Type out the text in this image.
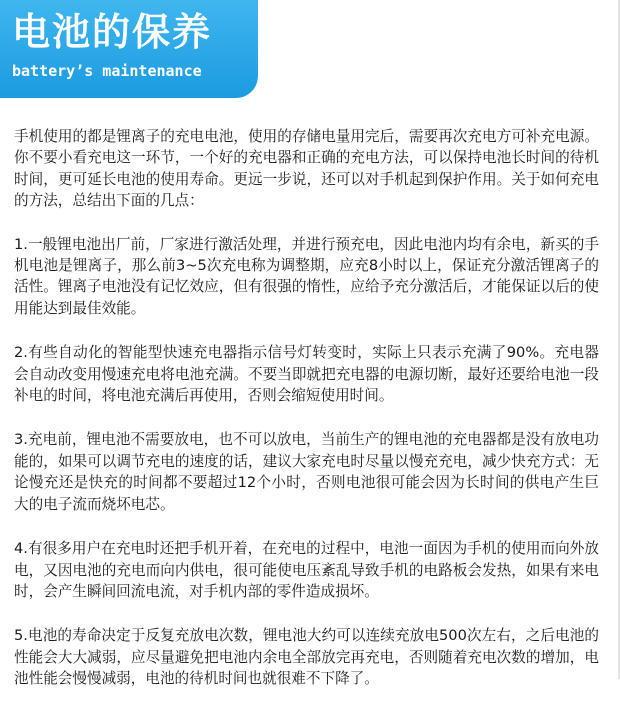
电池的保养
battery’s maintenance

手机使用的都是锂离子的充电电池，使用的存储电量用完后，需要再次充电方可补充电源。你不要小看充电这一环节，一个好的充电器和正确的充电方法，可以保持电池长时间的待机时间，更可延长电池的使用寿命。更远一步说，还可以对手机起到保护作用。关于如何充电的方法，总结出下面的几点：

1.一般锂电池出厂前，厂家进行激活处理，并进行预充电，因此电池内均有余电，新买的手机电池是锂离子，那么前3~5次充电称为调整期，应充8小时以上，保证充分激活锂离子的活性。锂离子电池没有记忆效应，但有很强的惰性，应给予充分激活后，才能保证以后的使用能达到最佳效能。

2.有些自动化的智能型快速充电器指示信号灯转变时，实际上只表示充满了90%。充电器会自动改变用慢速充电将电池充满。不要当即就把充电器的电源切断，最好还要给电池一段补电的时间，将电池充满后再使用，否则会缩短使用时间。

3.充电前，锂电池不需要放电，也不可以放电，当前生产的锂电池的充电器都是没有放电功能的，如果可以调节充电的速度的话，建议大家充电时尽量以慢充充电，减少快充方式：无论慢充还是快充的时间都不要超过12个小时，否则电池很可能会因为长时间的供电产生巨大的电子流而烧坏电芯。

4.有很多用户在充电时还把手机开着，在充电的过程中，电池一面因为手机的使用而向外放电，又因电池的充电而向内供电，很可能使电压紊乱导致手机的电路板会发热，如果有来电时，会产生瞬间回流电流，对手机内部的零件造成损坏。

5.电池的寿命决定于反复充放电次数，锂电池大约可以连续充放电500次左右，之后电池的性能会大大减弱，应尽量避免把电池内余电全部放完再充电，否则随着充电次数的增加，电池性能会慢慢减弱，电池的待机时间也就很难不下降了。
